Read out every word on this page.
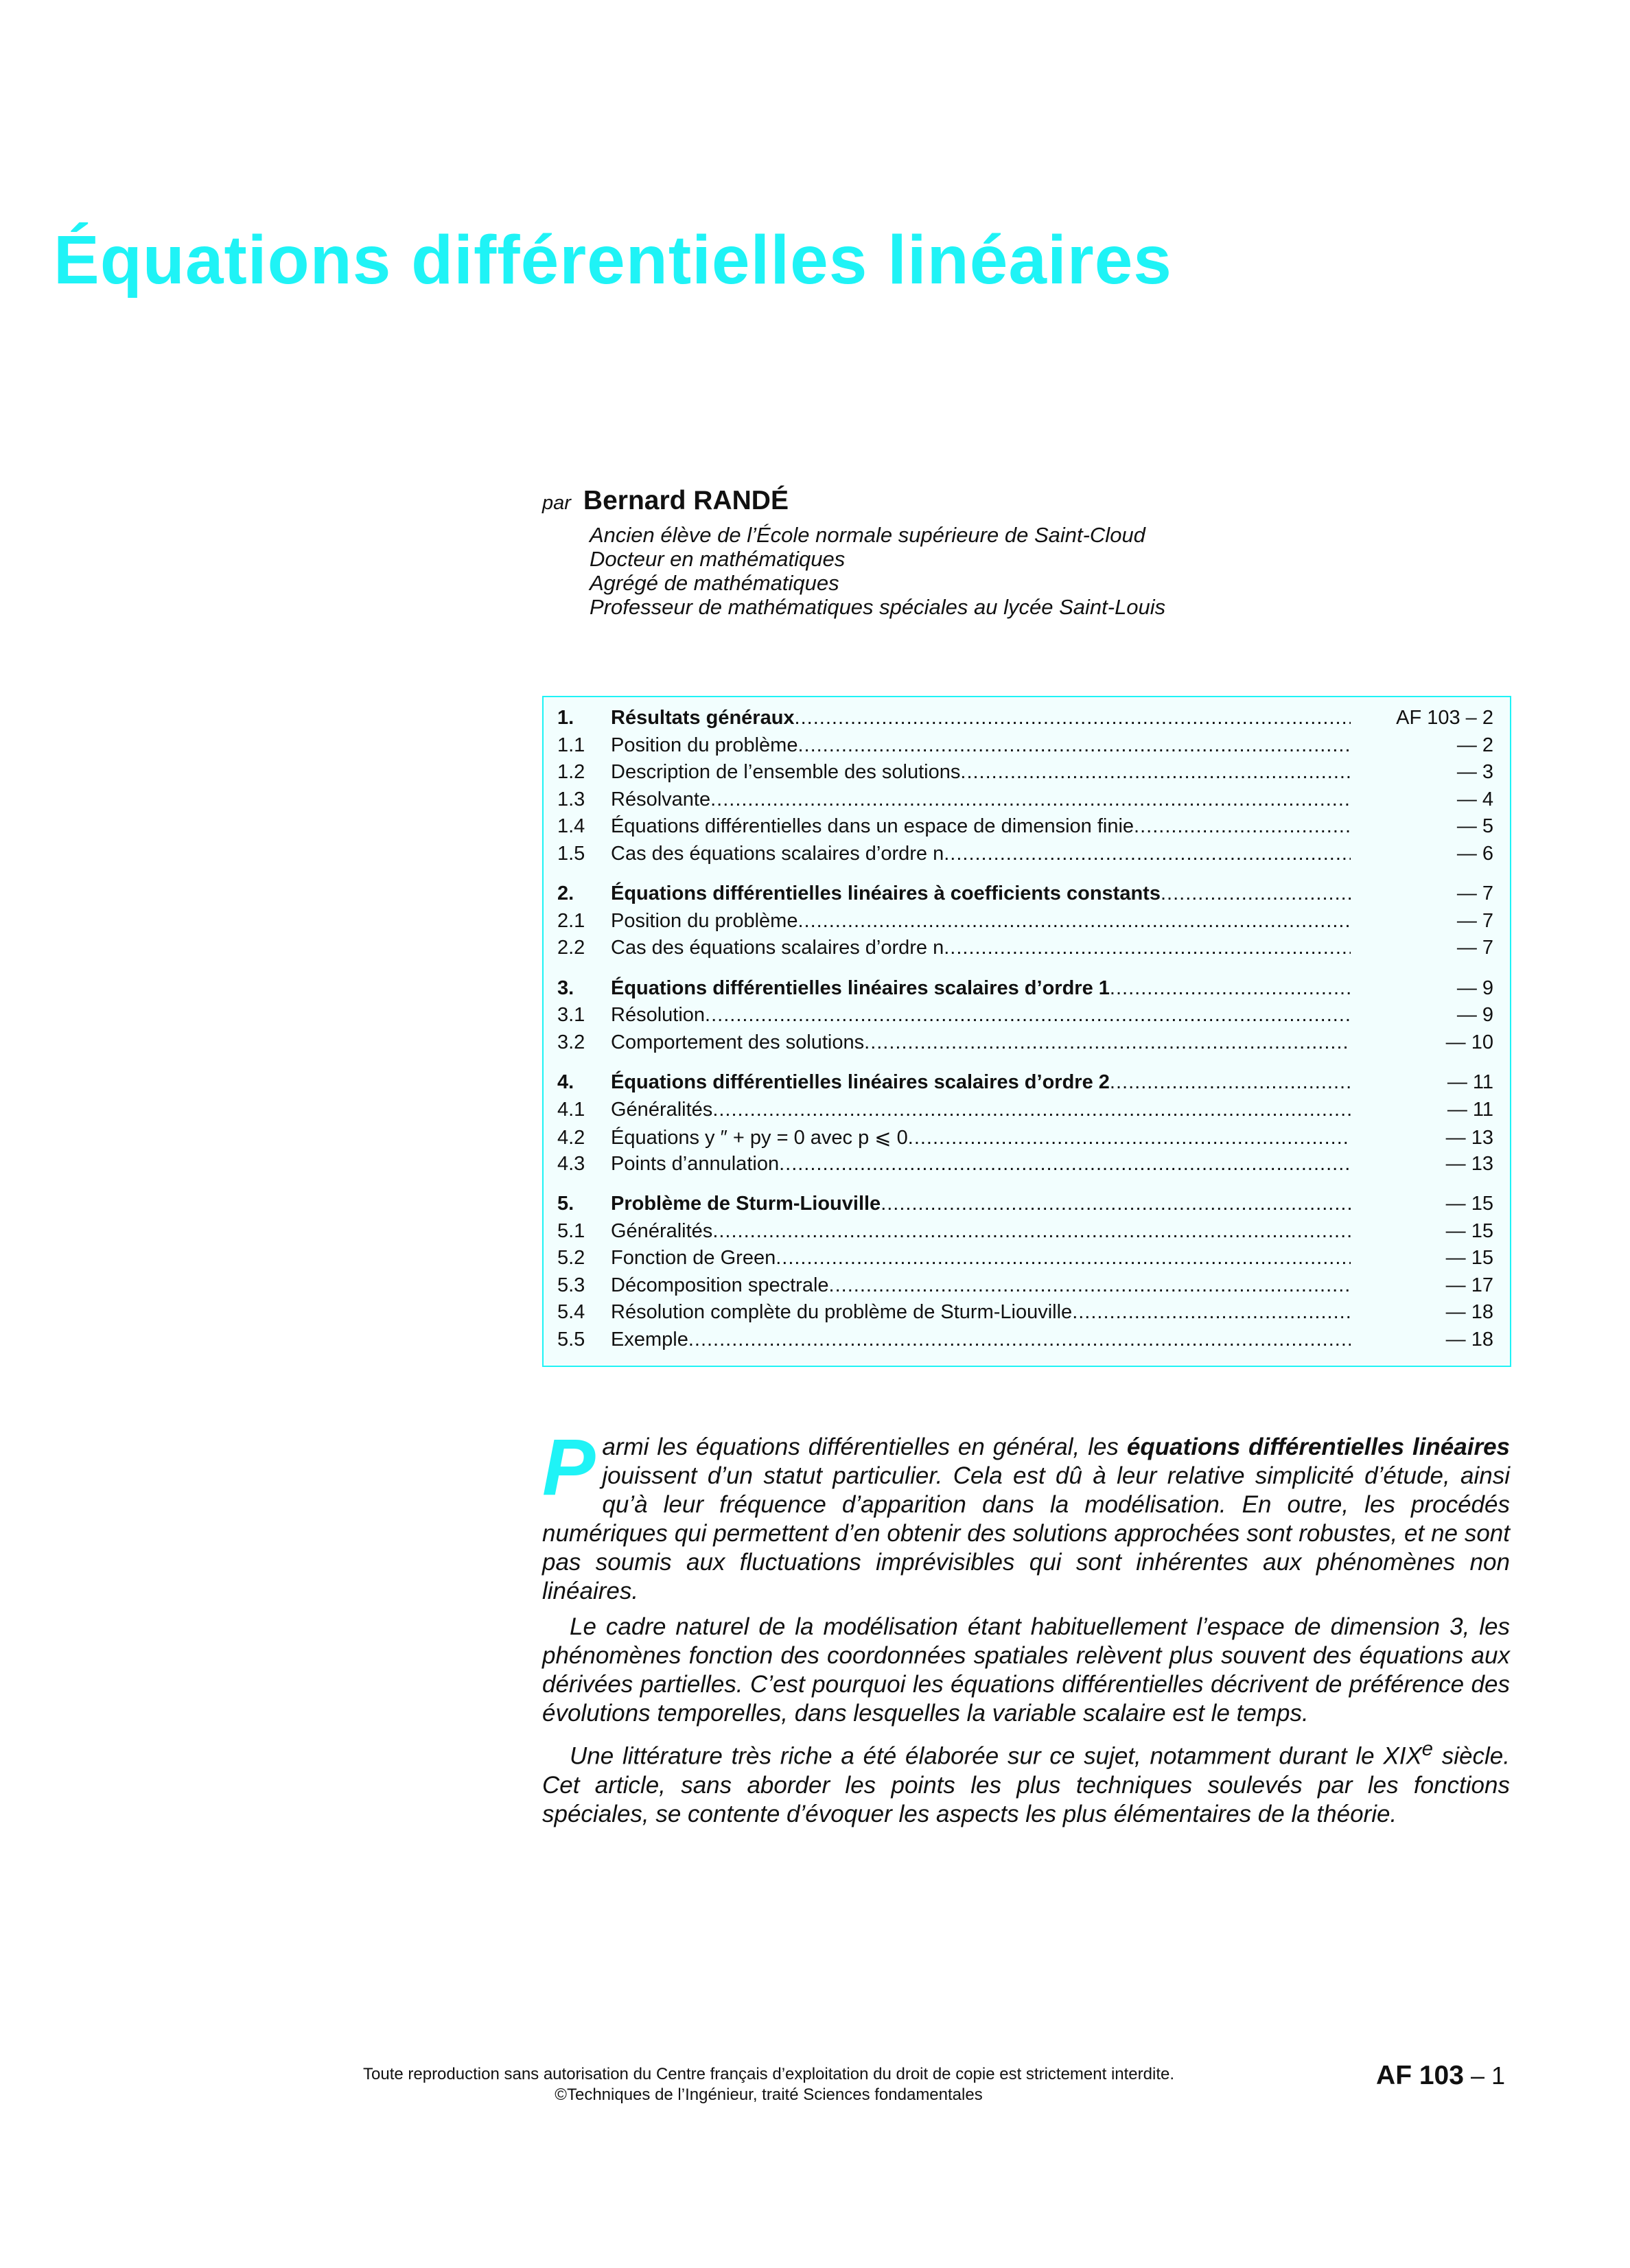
Équations différentielles linéaires
par Bernard RANDÉ
Ancien élève de l’École normale supérieure de Saint-Cloud
Docteur en mathématiques
Agrégé de mathématiques
Professeur de mathématiques spéciales au lycée Saint-Louis
1.	Résultats généraux .....	AF 103 – 2
1.1	Position du problème .....	— 2
1.2	Description de l’ensemble des solutions .....	— 3
1.3	Résolvante .....	— 4
1.4	Équations différentielles dans un espace de dimension finie .....	— 5
1.5	Cas des équations scalaires d’ordre n .....	— 6
2.	Équations différentielles linéaires à coefficients constants .....	— 7
2.1	Position du problème .....	— 7
2.2	Cas des équations scalaires d’ordre n .....	— 7
3.	Équations différentielles linéaires scalaires d’ordre 1 .....	— 9
3.1	Résolution .....	— 9
3.2	Comportement des solutions .....	— 10
4.	Équations différentielles linéaires scalaires d’ordre 2 .....	— 11
4.1	Généralités .....	— 11
4.2	Équations y ″ + py = 0 avec p ⩽ 0 .....	— 13
4.3	Points d’annulation .....	— 13
5.	Problème de Sturm-Liouville .....	— 15
5.1	Généralités .....	— 15
5.2	Fonction de Green .....	— 15
5.3	Décomposition spectrale .....	— 17
5.4	Résolution complète du problème de Sturm-Liouville .....	— 18
5.5	Exemple .....	— 18

Parmi les équations différentielles en général, les équations différentielles linéaires jouissent d’un statut particulier. Cela est dû à leur relative simplicité d’étude, ainsi qu’à leur fréquence d’apparition dans la modélisation. En outre, les procédés numériques qui permettent d’en obtenir des solutions approchées sont robustes, et ne sont pas soumis aux fluctuations imprévisibles qui sont inhérentes aux phénomènes non linéaires.

Le cadre naturel de la modélisation étant habituellement l’espace de dimension 3, les phénomènes fonction des coordonnées spatiales relèvent plus souvent des équations aux dérivées partielles. C’est pourquoi les équations différentielles décrivent de préférence des évolutions temporelles, dans lesquelles la variable scalaire est le temps.

Une littérature très riche a été élaborée sur ce sujet, notamment durant le XIXe siècle. Cet article, sans aborder les points les plus techniques soulevés par les fonctions spéciales, se contente d’évoquer les aspects les plus élémentaires de la théorie.

Toute reproduction sans autorisation du Centre français d’exploitation du droit de copie est strictement interdite.
©Techniques de l’Ingénieur, traité Sciences fondamentales
AF 103 – 1
